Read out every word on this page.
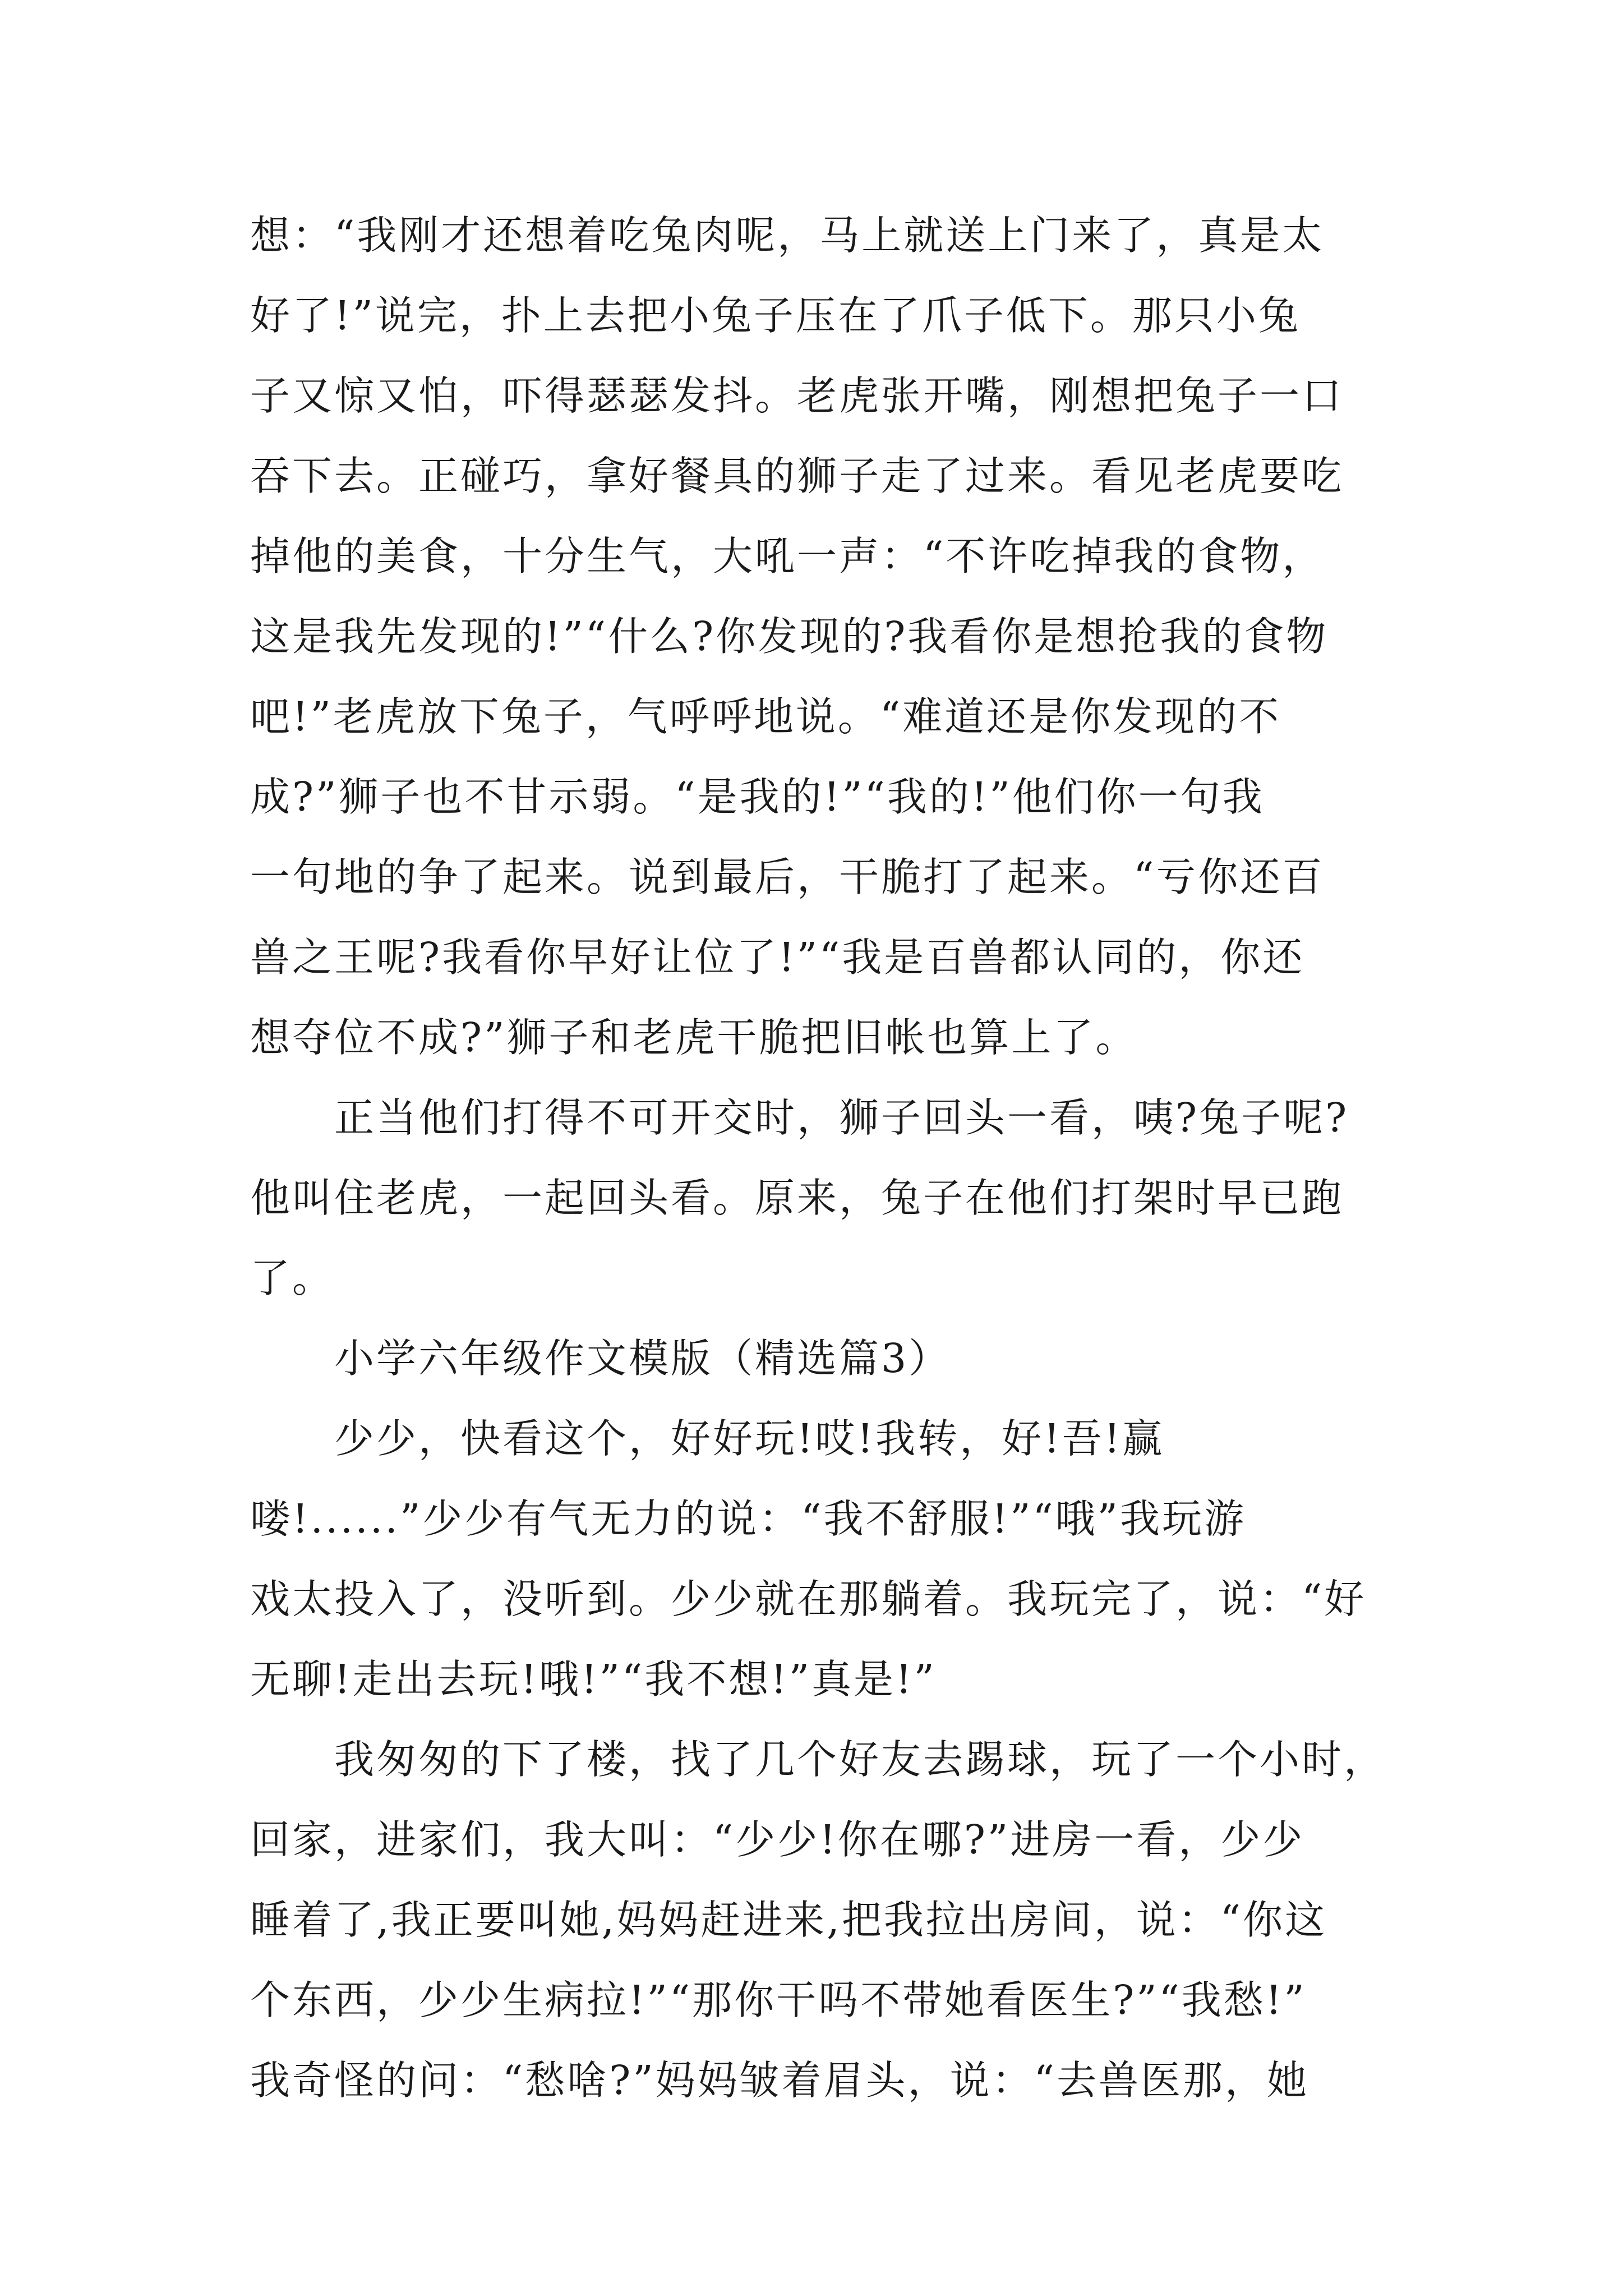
想：“我刚才还想着吃兔肉呢，马上就送上门来了，真是太
好了!”说完，扑上去把小兔子压在了爪子低下。那只小兔
子又惊又怕，吓得瑟瑟发抖。老虎张开嘴，刚想把兔子一口
吞下去。正碰巧，拿好餐具的狮子走了过来。看见老虎要吃
掉他的美食，十分生气，大吼一声：“不许吃掉我的食物，
这是我先发现的!”“什么?你发现的?我看你是想抢我的食物
吧!”老虎放下兔子，气呼呼地说。“难道还是你发现的不
成?”狮子也不甘示弱。“是我的!”“我的!”他们你一句我
一句地的争了起来。说到最后，干脆打了起来。“亏你还百
兽之王呢?我看你早好让位了!”“我是百兽都认同的，你还
想夺位不成?”狮子和老虎干脆把旧帐也算上了。
正当他们打得不可开交时，狮子回头一看，咦?兔子呢?
他叫住老虎，一起回头看。原来，兔子在他们打架时早已跑
了。
小学六年级作文模版（精选篇3）
少少，快看这个，好好玩!哎!我转，好!吾!赢
喽!......”少少有气无力的说：“我不舒服!”“哦”我玩游
戏太投入了，没听到。少少就在那躺着。我玩完了，说：“好
无聊!走出去玩!哦!”“我不想!”真是!”
我匆匆的下了楼，找了几个好友去踢球，玩了一个小时，
回家，进家们，我大叫：“少少!你在哪?”进房一看，少少
睡着了,我正要叫她,妈妈赶进来,把我拉出房间，说：“你这
个东西，少少生病拉!”“那你干吗不带她看医生?”“我愁!”
我奇怪的问：“愁啥?”妈妈皱着眉头，说：“去兽医那，她
